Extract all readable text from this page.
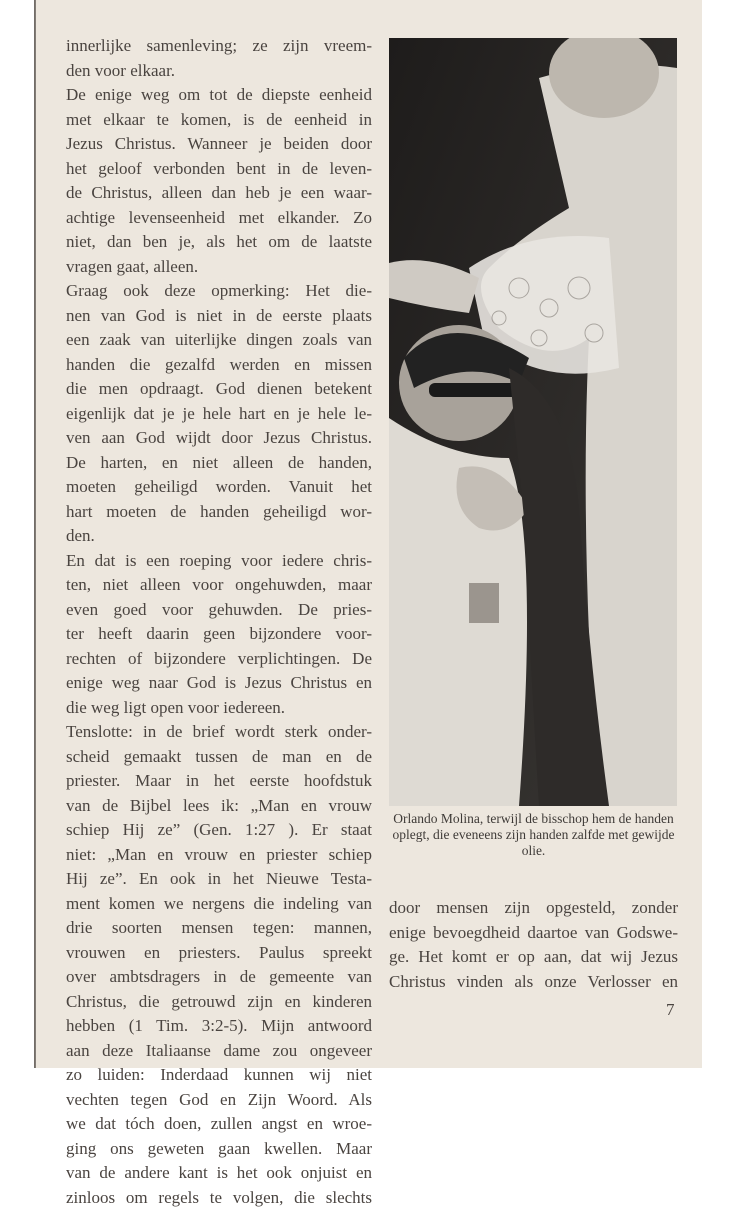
innerlijke samenleving; ze zijn vreem-
den voor elkaar.
De enige weg om tot de diepste eenheid
met elkaar te komen, is de eenheid in
Jezus Christus. Wanneer je beiden door
het geloof verbonden bent in de leven-
de Christus, alleen dan heb je een waar-
achtige levenseenheid met elkander. Zo
niet, dan ben je, als het om de laatste
vragen gaat, alleen.
Graag ook deze opmerking: Het die-
nen van God is niet in de eerste plaats
een zaak van uiterlijke dingen zoals van
handen die gezalfd werden en missen
die men opdraagt. God dienen betekent
eigenlijk dat je je hele hart en je hele le-
ven aan God wijdt door Jezus Christus.
De harten, en niet alleen de handen,
moeten geheiligd worden. Vanuit het
hart moeten de handen geheiligd wor-
den.
En dat is een roeping voor iedere chris-
ten, niet alleen voor ongehuwden, maar
even goed voor gehuwden. De pries-
ter heeft daarin geen bijzondere voor-
rechten of bijzondere verplichtingen. De
enige weg naar God is Jezus Christus en
die weg ligt open voor iedereen.
Tenslotte: in de brief wordt sterk onder-
scheid gemaakt tussen de man en de
priester. Maar in het eerste hoofdstuk
van de Bijbel lees ik: „Man en vrouw
schiep Hij ze” (Gen. 1:27 ). Er staat
niet: „Man en vrouw en priester schiep
Hij ze”. En ook in het Nieuwe Testa-
ment komen we nergens die indeling van
drie soorten mensen tegen: mannen,
vrouwen en priesters. Paulus spreekt
over ambtsdragers in de gemeente van
Christus, die getrouwd zijn en kinderen
hebben (1 Tim. 3:2-5). Mijn antwoord
aan deze Italiaanse dame zou ongeveer
zo luiden: Inderdaad kunnen wij niet
vechten tegen God en Zijn Woord. Als
we dat tóch doen, zullen angst en wroe-
ging ons geweten gaan kwellen. Maar
van de andere kant is het ook onjuist en
zinloos om regels te volgen, die slechts
Orlando Molina, terwijl de bisschop hem de handen oplegt, die eveneens zijn handen zalfde met gewijde olie.
door mensen zijn opgesteld, zonder
enige bevoegdheid daartoe van Godswe-
ge. Het komt er op aan, dat wij Jezus
Christus vinden als onze Verlosser en
7
